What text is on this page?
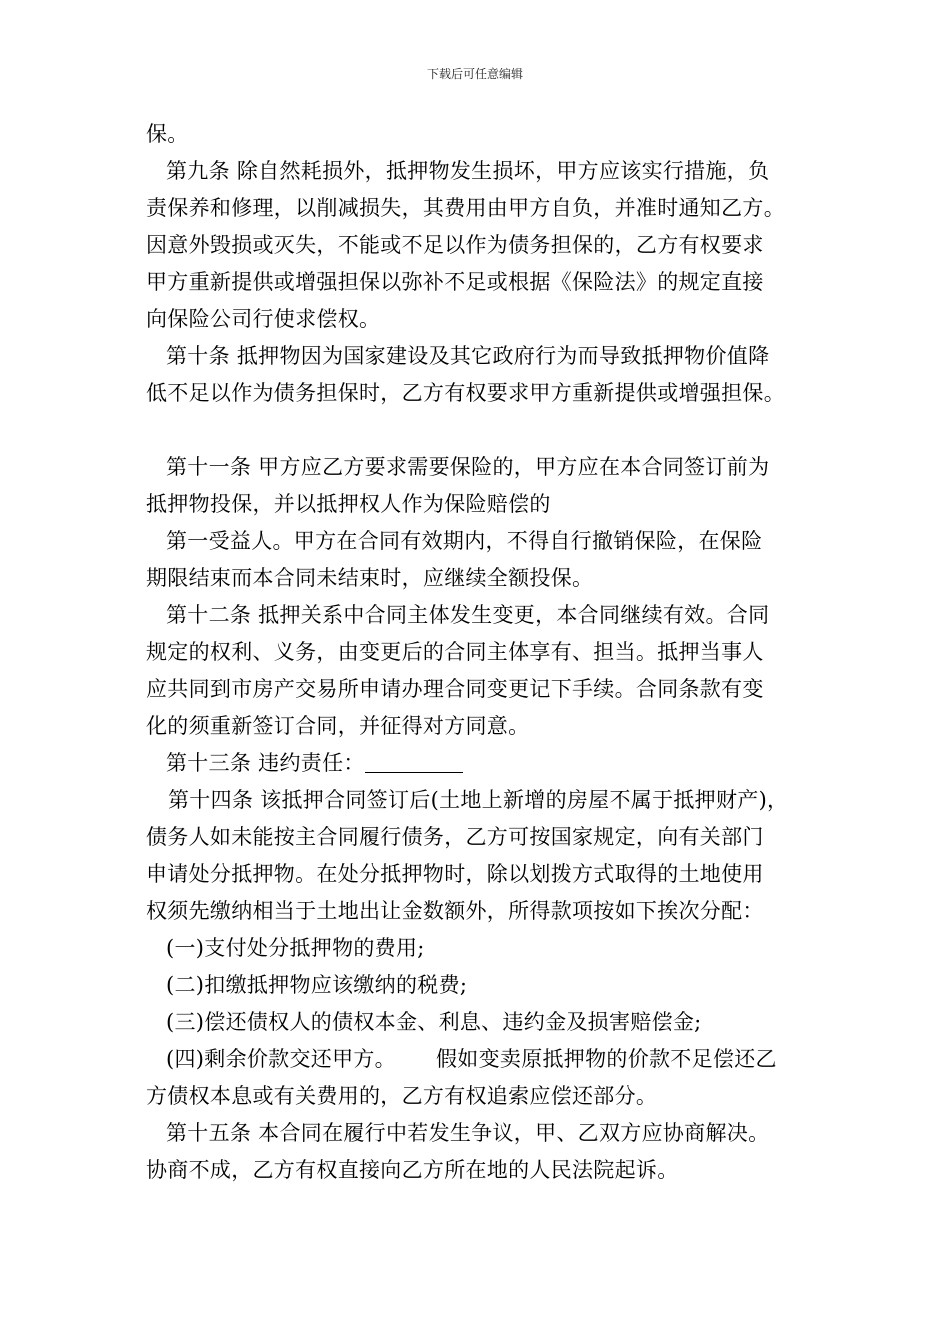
下载后可任意编辑
保。
第九条 除自然耗损外，抵押物发生损坏，甲方应该实行措施，负
责保养和修理，以削减损失，其费用由甲方自负，并准时通知乙方。
因意外毁损或灭失，不能或不足以作为债务担保的，乙方有权要求
甲方重新提供或增强担保以弥补不足或根据《保险法》的规定直接
向保险公司行使求偿权。
第十条 抵押物因为国家建设及其它政府行为而导致抵押物价值降
低不足以作为债务担保时，乙方有权要求甲方重新提供或增强担保。
第十一条 甲方应乙方要求需要保险的，甲方应在本合同签订前为
抵押物投保，并以抵押权人作为保险赔偿的
第一受益人。甲方在合同有效期内，不得自行撤销保险，在保险
期限结束而本合同未结束时，应继续全额投保。
第十二条 抵押关系中合同主体发生变更，本合同继续有效。合同
规定的权利、义务，由变更后的合同主体享有、担当。抵押当事人
应共同到市房产交易所申请办理合同变更记下手续。合同条款有变
化的须重新签订合同，并征得对方同意。
第十三条 违约责任：
第十四条 该抵押合同签订后(土地上新增的房屋不属于抵押财产)，
债务人如未能按主合同履行债务，乙方可按国家规定，向有关部门
申请处分抵押物。在处分抵押物时，除以划拨方式取得的土地使用
权须先缴纳相当于土地出让金数额外，所得款项按如下挨次分配：
(一)支付处分抵押物的费用;
(二)扣缴抵押物应该缴纳的税费;
(三)偿还债权人的债权本金、利息、违约金及损害赔偿金;
(四)剩余价款交还甲方。 假如变卖原抵押物的价款不足偿还乙
方债权本息或有关费用的，乙方有权追索应偿还部分。
第十五条 本合同在履行中若发生争议，甲、乙双方应协商解决。
协商不成，乙方有权直接向乙方所在地的人民法院起诉。
